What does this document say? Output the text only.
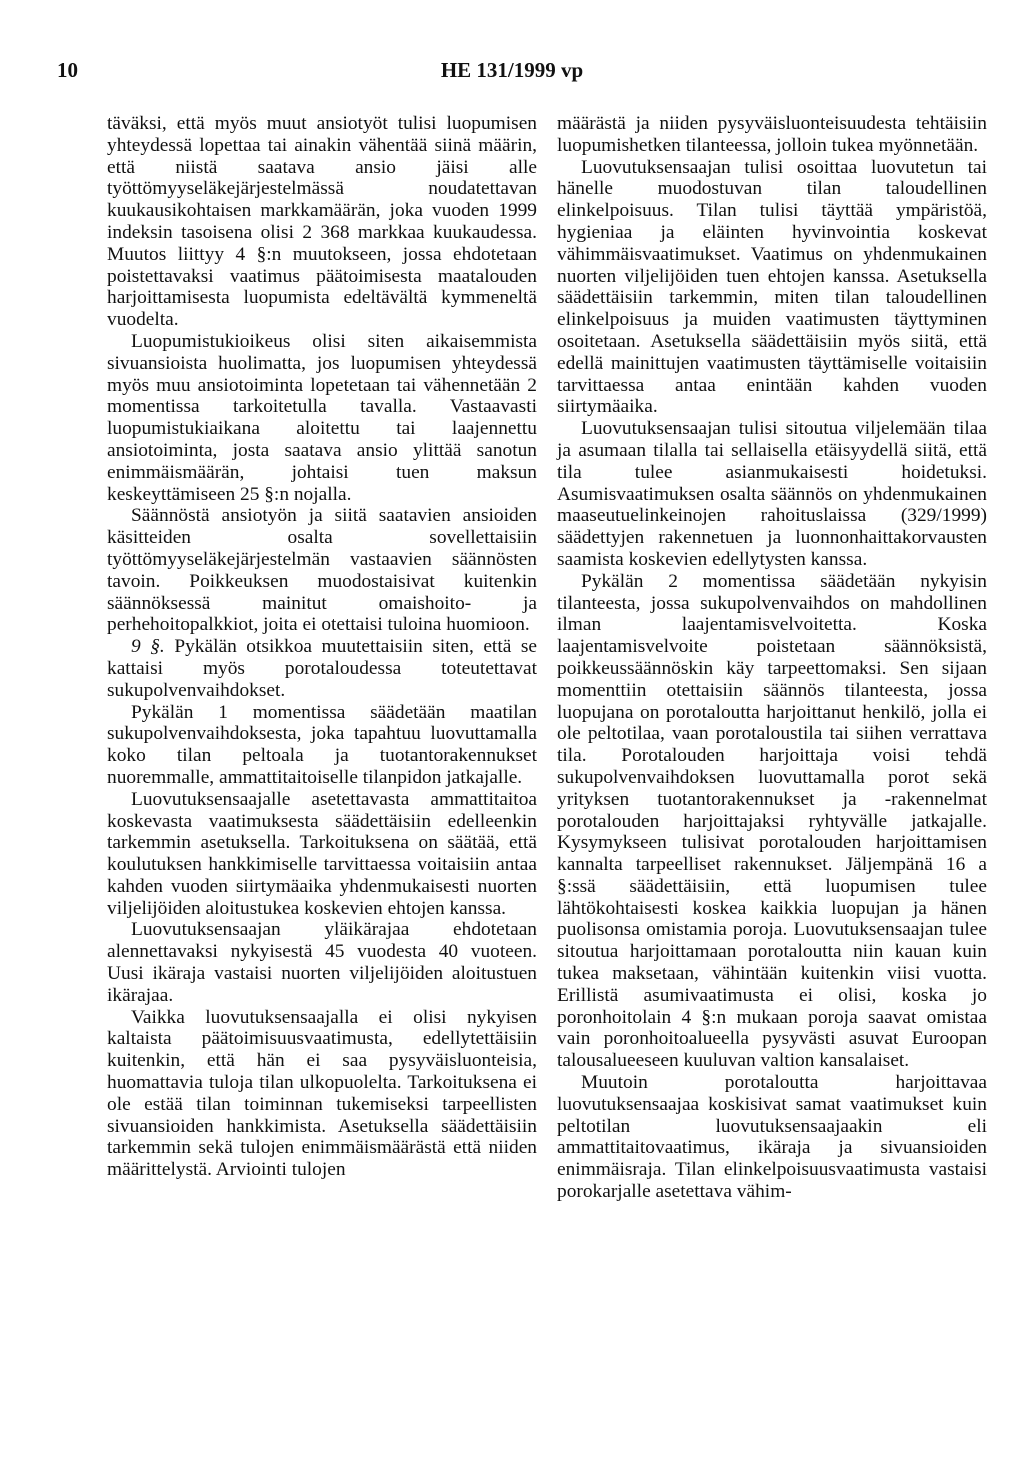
10	HE 131/1999 vp

täväksi, että myös muut ansiotyöt tulisi luopumisen yhteydessä lopettaa tai ainakin vähentää siinä määrin, että niistä saatava ansio jäisi alle työttömyyseläkejärjestelmässä noudatettavan kuukausikohtaisen markkamäärän, joka vuoden 1999 indeksin tasoisena olisi 2 368 markkaa kuukaudessa. Muutos liittyy 4 §:n muutokseen, jossa ehdotetaan poistettavaksi vaatimus päätoimisesta maatalouden harjoittamisesta luopumista edeltävältä kymmeneltä vuodelta.

Luopumistukioikeus olisi siten aikaisemmista sivuansioista huolimatta, jos luopumisen yhteydessä myös muu ansiotoiminta lopetetaan tai vähennetään 2 momentissa tarkoitetulla tavalla. Vastaavasti luopumistukiaikana aloitettu tai laajennettu ansiotoiminta, josta saatava ansio ylittää sanotun enimmäismäärän, johtaisi tuen maksun keskeyttämiseen 25 §:n nojalla.

Säännöstä ansiotyön ja siitä saatavien ansioiden käsitteiden osalta sovellettaisiin työttömyyseläkejärjestelmän vastaavien säännösten tavoin. Poikkeuksen muodostaisivat kuitenkin säännöksessä mainitut omaishoito- ja perhehoitopalkkiot, joita ei otettaisi tuloina huomioon.

9 §. Pykälän otsikkoa muutettaisiin siten, että se kattaisi myös porotaloudessa toteutettavat sukupolvenvaihdokset.

Pykälän 1 momentissa säädetään maatilan sukupolvenvaihdoksesta, joka tapahtuu luovuttamalla koko tilan peltoala ja tuotantorakennukset nuoremmalle, ammattitaitoiselle tilanpidon jatkajalle.

Luovutuksensaajalle asetettavasta ammattitaitoa koskevasta vaatimuksesta säädettäisiin edelleenkin tarkemmin asetuksella. Tarkoituksena on säätää, että koulutuksen hankkimiselle tarvittaessa voitaisiin antaa kahden vuoden siirtymäaika yhdenmukaisesti nuorten viljelijöiden aloitustukea koskevien ehtojen kanssa.

Luovutuksensaajan yläikärajaa ehdotetaan alennettavaksi nykyisestä 45 vuodesta 40 vuoteen. Uusi ikäraja vastaisi nuorten viljelijöiden aloitustuen ikärajaa.

Vaikka luovutuksensaajalla ei olisi nykyisen kaltaista päätoimisuusvaatimusta, edellytettäisiin kuitenkin, että hän ei saa pysyväisluonteisia, huomattavia tuloja tilan ulkopuolelta. Tarkoituksena ei ole estää tilan toiminnan tukemiseksi tarpeellisten sivuansioiden hankkimista. Asetuksella säädettäisiin tarkemmin sekä tulojen enimmäismäärästä että niiden määrittelystä. Arviointi tulojen

määrästä ja niiden pysyväisluonteisuudesta tehtäisiin luopumishetken tilanteessa, jolloin tukea myönnetään.

Luovutuksensaajan tulisi osoittaa luovutetun tai hänelle muodostuvan tilan taloudellinen elinkelpoisuus. Tilan tulisi täyttää ympäristöä, hygieniaa ja eläinten hyvinvointia koskevat vähimmäisvaatimukset. Vaatimus on yhdenmukainen nuorten viljelijöiden tuen ehtojen kanssa. Asetuksella säädettäisiin tarkemmin, miten tilan taloudellinen elinkelpoisuus ja muiden vaatimusten täyttyminen osoitetaan. Asetuksella säädettäisiin myös siitä, että edellä mainittujen vaatimusten täyttämiselle voitaisiin tarvittaessa antaa enintään kahden vuoden siirtymäaika.

Luovutuksensaajan tulisi sitoutua viljelemään tilaa ja asumaan tilalla tai sellaisella etäisyydellä siitä, että tila tulee asianmukaisesti hoidetuksi. Asumisvaatimuksen osalta säännös on yhdenmukainen maaseutuelinkeinojen rahoituslaissa (329/1999) säädettyjen rakennetuen ja luonnonhaittakorvausten saamista koskevien edellytysten kanssa.

Pykälän 2 momentissa säädetään nykyisin tilanteesta, jossa sukupolvenvaihdos on mahdollinen ilman laajentamisvelvoitetta. Koska laajentamisvelvoite poistetaan säännöksistä, poikkeussäännöskin käy tarpeettomaksi. Sen sijaan momenttiin otettaisiin säännös tilanteesta, jossa luopujana on porotaloutta harjoittanut henkilö, jolla ei ole peltotilaa, vaan porotaloustila tai siihen verrattava tila. Porotalouden harjoittaja voisi tehdä sukupolvenvaihdoksen luovuttamalla porot sekä yrityksen tuotantorakennukset ja -rakennelmat porotalouden harjoittajaksi ryhtyvälle jatkajalle. Kysymykseen tulisivat porotalouden harjoittamisen kannalta tarpeelliset rakennukset. Jäljempänä 16 a §:ssä säädettäisiin, että luopumisen tulee lähtökohtaisesti koskea kaikkia luopujan ja hänen puolisonsa omistamia poroja. Luovutuksensaajan tulee sitoutua harjoittamaan porotaloutta niin kauan kuin tukea maksetaan, vähintään kuitenkin viisi vuotta. Erillistä asumivaatimusta ei olisi, koska jo poronhoitolain 4 §:n mukaan poroja saavat omistaa vain poronhoitoalueella pysyvästi asuvat Euroopan talousalueeseen kuuluvan valtion kansalaiset.

Muutoin porotaloutta harjoittavaa luovutuksensaajaa koskisivat samat vaatimukset kuin peltotilan luovutuksensaajaakin eli ammattitaitovaatimus, ikäraja ja sivuansioiden enimmäisraja. Tilan elinkelpoisuusvaatimusta vastaisi porokarjalle asetettava vähim-
